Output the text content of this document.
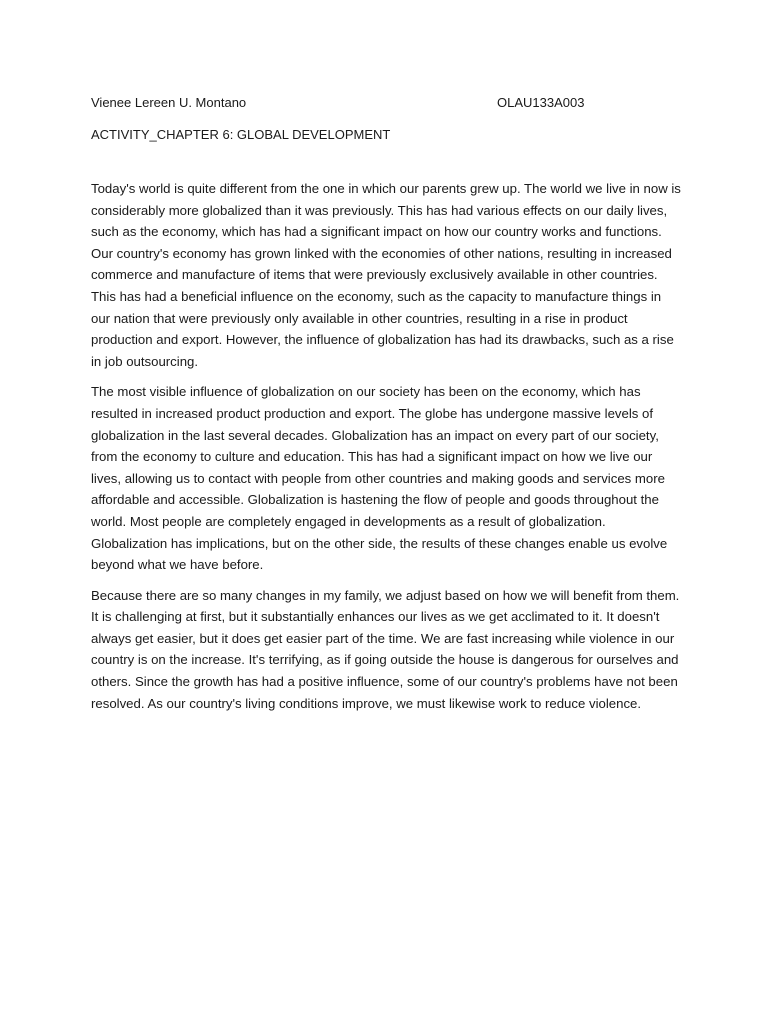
Vienee Lereen U. Montano	OLAU133A003
ACTIVITY_CHAPTER 6: GLOBAL DEVELOPMENT

Today's world is quite different from the one in which our parents grew up. The world we live in now is considerably more globalized than it was previously. This has had various effects on our daily lives, such as the economy, which has had a significant impact on how our country works and functions. Our country's economy has grown linked with the economies of other nations, resulting in increased commerce and manufacture of items that were previously exclusively available in other countries. This has had a beneficial influence on the economy, such as the capacity to manufacture things in our nation that were previously only available in other countries, resulting in a rise in product production and export. However, the influence of globalization has had its drawbacks, such as a rise in job outsourcing.

The most visible influence of globalization on our society has been on the economy, which has resulted in increased product production and export. The globe has undergone massive levels of globalization in the last several decades. Globalization has an impact on every part of our society, from the economy to culture and education. This has had a significant impact on how we live our lives, allowing us to contact with people from other countries and making goods and services more affordable and accessible. Globalization is hastening the flow of people and goods throughout the world. Most people are completely engaged in developments as a result of globalization. Globalization has implications, but on the other side, the results of these changes enable us evolve beyond what we have before.

Because there are so many changes in my family, we adjust based on how we will benefit from them. It is challenging at first, but it substantially enhances our lives as we get acclimated to it. It doesn't always get easier, but it does get easier part of the time. We are fast increasing while violence in our country is on the increase. It's terrifying, as if going outside the house is dangerous for ourselves and others. Since the growth has had a positive influence, some of our country's problems have not been resolved. As our country's living conditions improve, we must likewise work to reduce violence.
